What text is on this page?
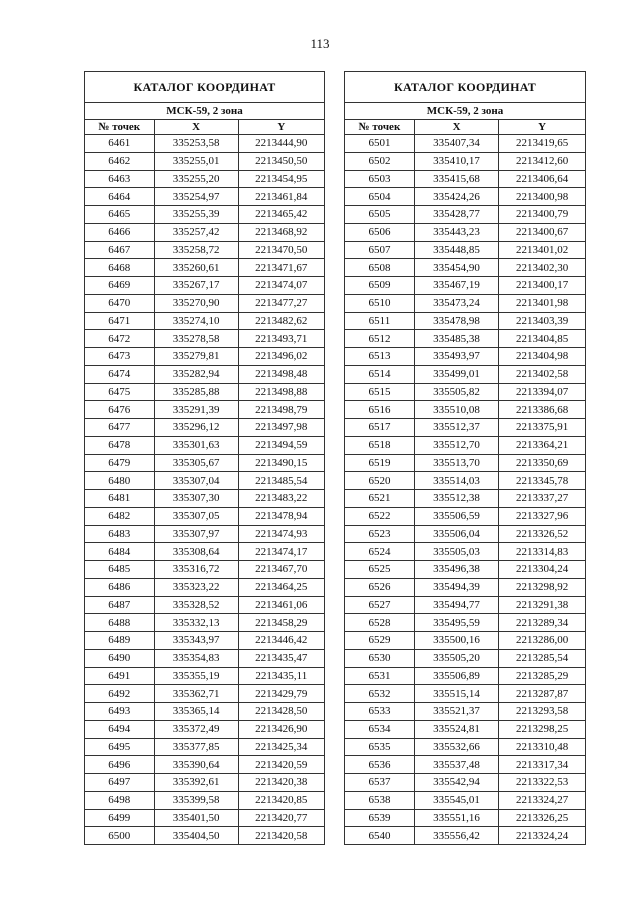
113
КАТАЛОГ КООРДИНАТ		
МСК-59, 2 зона		
№ точек	X	Y
6461	335253,58	2213444,90
6462	335255,01	2213450,50
6463	335255,20	2213454,95
6464	335254,97	2213461,84
6465	335255,39	2213465,42
6466	335257,42	2213468,92
6467	335258,72	2213470,50
6468	335260,61	2213471,67
6469	335267,17	2213474,07
6470	335270,90	2213477,27
6471	335274,10	2213482,62
6472	335278,58	2213493,71
6473	335279,81	2213496,02
6474	335282,94	2213498,48
6475	335285,88	2213498,88
6476	335291,39	2213498,79
6477	335296,12	2213497,98
6478	335301,63	2213494,59
6479	335305,67	2213490,15
6480	335307,04	2213485,54
6481	335307,30	2213483,22
6482	335307,05	2213478,94
6483	335307,97	2213474,93
6484	335308,64	2213474,17
6485	335316,72	2213467,70
6486	335323,22	2213464,25
6487	335328,52	2213461,06
6488	335332,13	2213458,29
6489	335343,97	2213446,42
6490	335354,83	2213435,47
6491	335355,19	2213435,11
6492	335362,71	2213429,79
6493	335365,14	2213428,50
6494	335372,49	2213426,90
6495	335377,85	2213425,34
6496	335390,64	2213420,59
6497	335392,61	2213420,38
6498	335399,58	2213420,85
6499	335401,50	2213420,77
6500	335404,50	2213420,58
КАТАЛОГ КООРДИНАТ		
МСК-59, 2 зона		
№ точек	X	Y
6501	335407,34	2213419,65
6502	335410,17	2213412,60
6503	335415,68	2213406,64
6504	335424,26	2213400,98
6505	335428,77	2213400,79
6506	335443,23	2213400,67
6507	335448,85	2213401,02
6508	335454,90	2213402,30
6509	335467,19	2213400,17
6510	335473,24	2213401,98
6511	335478,98	2213403,39
6512	335485,38	2213404,85
6513	335493,97	2213404,98
6514	335499,01	2213402,58
6515	335505,82	2213394,07
6516	335510,08	2213386,68
6517	335512,37	2213375,91
6518	335512,70	2213364,21
6519	335513,70	2213350,69
6520	335514,03	2213345,78
6521	335512,38	2213337,27
6522	335506,59	2213327,96
6523	335506,04	2213326,52
6524	335505,03	2213314,83
6525	335496,38	2213304,24
6526	335494,39	2213298,92
6527	335494,77	2213291,38
6528	335495,59	2213289,34
6529	335500,16	2213286,00
6530	335505,20	2213285,54
6531	335506,89	2213285,29
6532	335515,14	2213287,87
6533	335521,37	2213293,58
6534	335524,81	2213298,25
6535	335532,66	2213310,48
6536	335537,48	2213317,34
6537	335542,94	2213322,53
6538	335545,01	2213324,27
6539	335551,16	2213326,25
6540	335556,42	2213324,24
